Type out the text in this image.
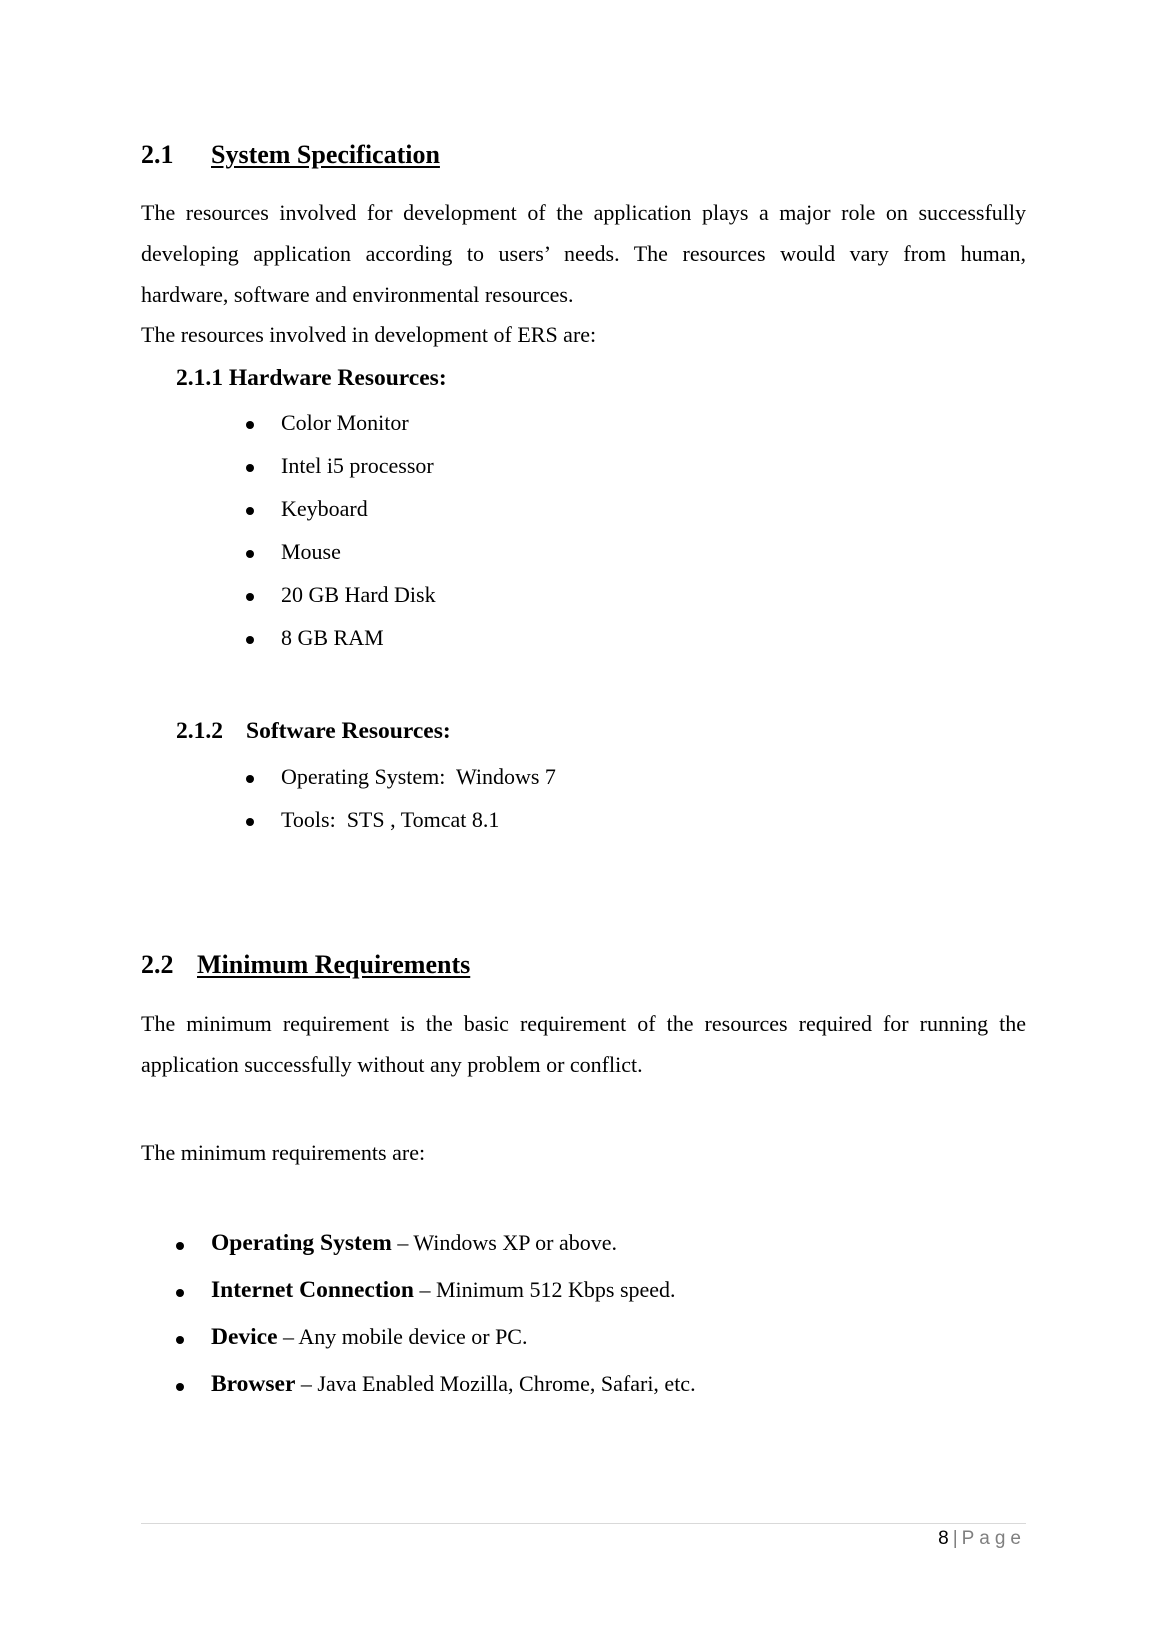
2.1 System Specification
The resources involved for development of the application plays a major role on successfully
developing application according to users’ needs. The resources would vary from human,
hardware, software and environmental resources.
The resources involved in development of ERS are:
2.1.1 Hardware Resources:
Color Monitor
Intel i5 processor
Keyboard
Mouse
20 GB Hard Disk
8 GB RAM
2.1.2 Software Resources:
Operating System:  Windows 7
Tools:  STS , Tomcat 8.1
2.2 Minimum Requirements
The minimum requirement is the basic requirement of the resources required for running the
application successfully without any problem or conflict.
The minimum requirements are:
Operating System – Windows XP or above.
Internet Connection – Minimum 512 Kbps speed.
Device – Any mobile device or PC.
Browser – Java Enabled Mozilla, Chrome, Safari, etc.
8 | Page
